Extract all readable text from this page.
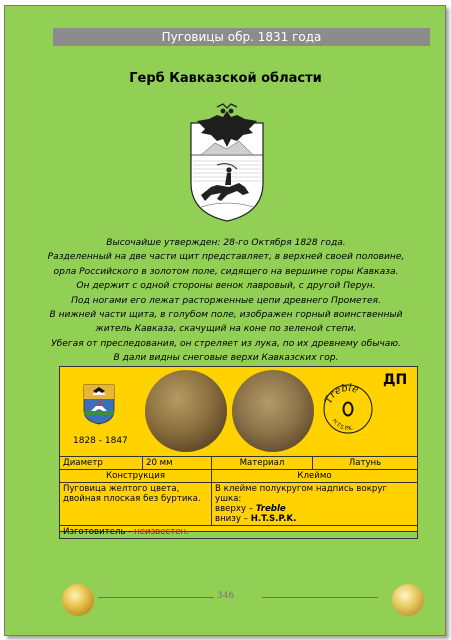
Пуговицы обр. 1831 года
Герб Кавказской области
Высочайше утвержден: 28-го Октября 1828 года.
Разделенный на две части щит представляет, в верхней своей половине,
орла Российского в золотом поле, сидящего на вершине горы Кавказа.
Он держит с одной стороны венок лавровый, с другой Перун.
Под ногами его лежат расторженные цепи древнего Прометея.
В нижней части щита, в голубом поле, изображен горный воинственный
житель Кавказа, скачущий на коне по зеленой степи.
Убегая от преследования, он стреляет из лука, по их древнему обычаю.
В дали видны снеговые верхи Кавказских гор.
1828 - 1847
Treble
H.T.S.P.K.
ДП
Диаметр	20 мм	Материал	Латунь
Конструкция		Клеймо	
Пуговица желтого цвета, двойная плоская без буртика.		В клейме полукругом надпись вокруг ушка:
вверху – Treble
внизу – H.T.S.P.K.	
Изготовитель - неизвестен.			
346
